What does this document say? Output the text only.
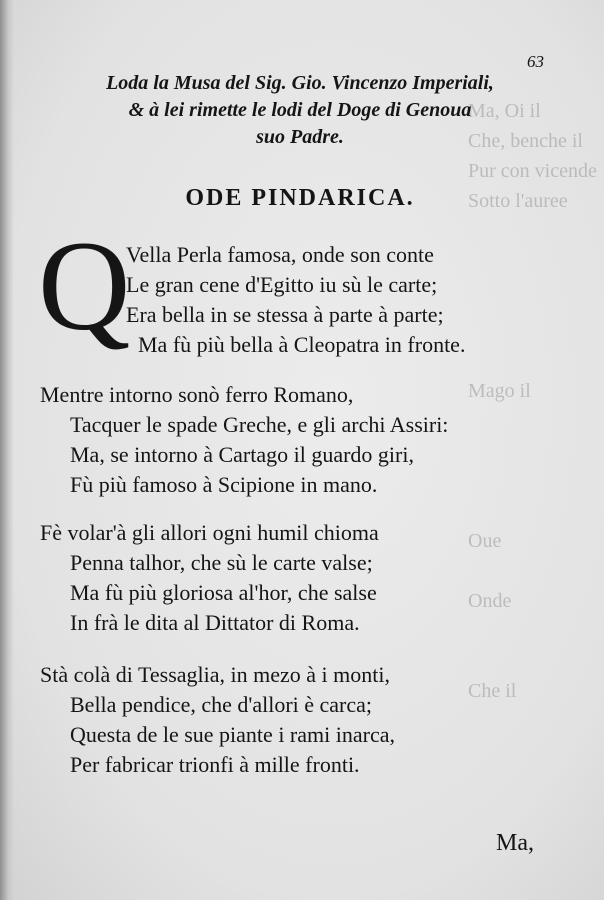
Ma, Oi il
Che, benche il
Pur con vicende
Sotto l'auree
Mago il
Oue
Onde
Che il
63
Loda la Musa del Sig. Gio. Vincenzo Imperiali,
& à lei rimette le lodi del Doge di Genoua
suo Padre.
ODE PINDARICA.
Q
Vella Perla famosa, onde son conte
Le gran cene d'Egitto iu sù le carte;
Era bella in se stessa à parte à parte;
Ma fù più bella à Cleopatra in fronte.
Mentre intorno sonò ferro Romano,
Tacquer le spade Greche, e gli archi Assiri:
Ma, se intorno à Cartago il guardo giri,
Fù più famoso à Scipione in mano.
Fè volar'à gli allori ogni humil chioma
Penna talhor, che sù le carte valse;
Ma fù più gloriosa al'hor, che salse
In frà le dita al Dittator di Roma.
Stà colà di Tessaglia, in mezo à i monti,
Bella pendice, che d'allori è carca;
Questa de le sue piante i rami inarca,
Per fabricar trionfi à mille fronti.
Ma,
